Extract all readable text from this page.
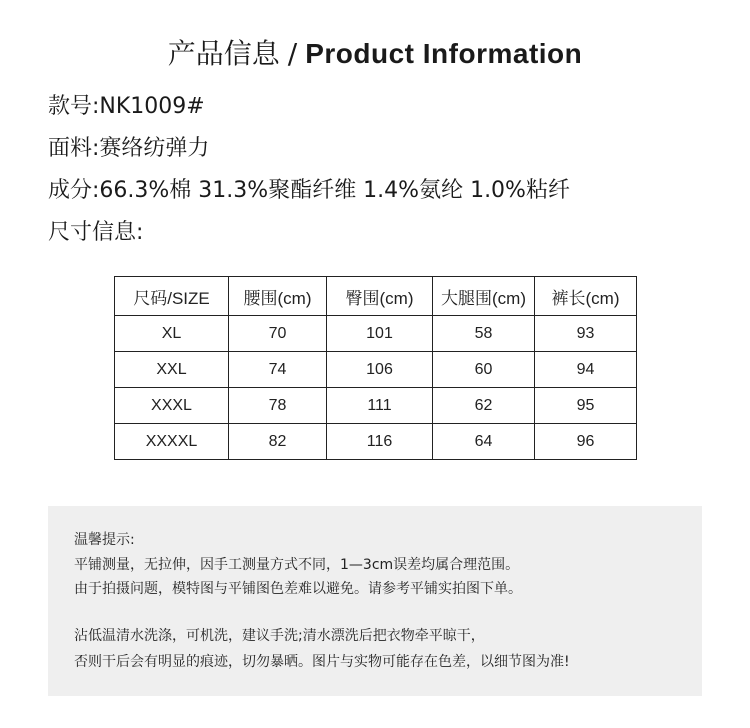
产品信息 / Product Information
款号:NK1009#
面料:赛络纺弹力
成分:66.3%棉 31.3%聚酯纤维 1.4%氨纶 1.0%粘纤
尺寸信息:
尺码/SIZE	腰围(cm)	臀围(cm)	大腿围(cm)	裤长(cm)
XL	70	101	58	93
XXL	74	106	60	94
XXXL	78	111	62	95
XXXXL	82	116	64	96
温馨提示:
平铺测量，无拉伸，因手工测量方式不同，1—3cm误差均属合理范围。
由于拍摄问题，模特图与平铺图色差难以避免。请参考平铺实拍图下单。
沾低温清水洗涤，可机洗，建议手洗;清水漂洗后把衣物牵平晾干，
否则干后会有明显的痕迹，切勿暴晒。图片与实物可能存在色差，以细节图为准!
